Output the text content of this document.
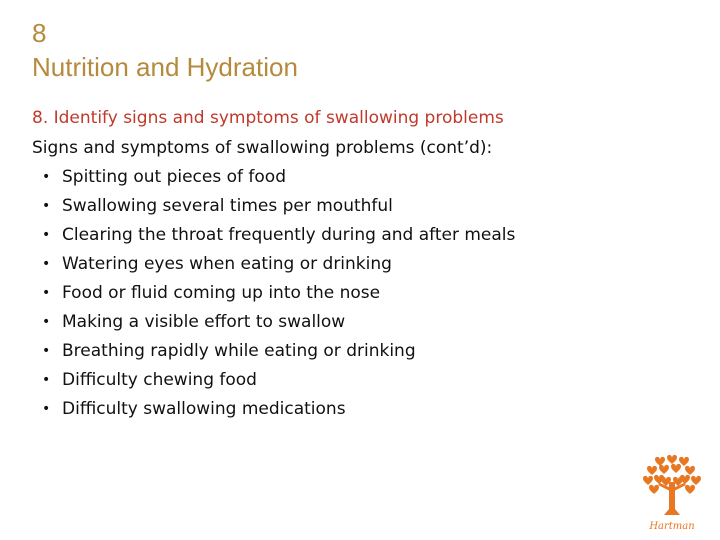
8
Nutrition and Hydration
8. Identify signs and symptoms of swallowing problems
Signs and symptoms of swallowing problems (cont’d):
• Spitting out pieces of food
• Swallowing several times per mouthful
• Clearing the throat frequently during and after meals
• Watering eyes when eating or drinking
• Food or fluid coming up into the nose
• Making a visible effort to swallow
• Breathing rapidly while eating or drinking
• Difficulty chewing food
• Difficulty swallowing medications
Hartman
